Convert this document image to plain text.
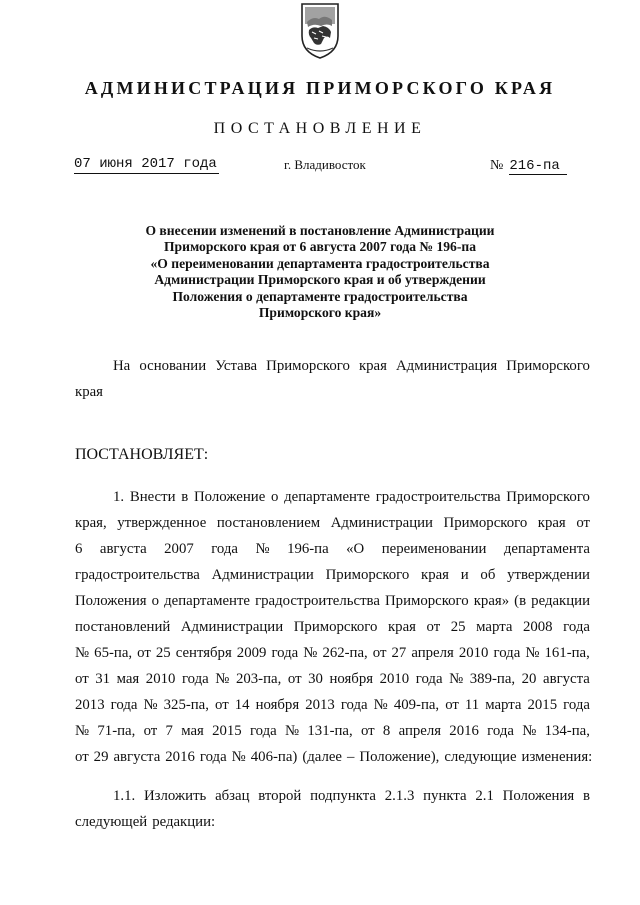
АДМИНИСТРАЦИЯ ПРИМОРСКОГО КРАЯ
ПОСТАНОВЛЕНИЕ
07 июня 2017 года	г. Владивосток	№ 216-па
О внесении изменений в постановление Администрации
Приморского края от 6 августа 2007 года № 196-па
«О переименовании департамента градостроительства
Администрации Приморского края и об утверждении
Положения о департаменте градостроительства
Приморского края»
На основании Устава Приморского края Администрация Приморского
края
ПОСТАНОВЛЯЕТ:
1. Внести в Положение о департаменте градостроительства Приморского
края, утвержденное постановлением Администрации Приморского края от
6 августа 2007 года № 196-па «О переименовании департамента
градостроительства Администрации Приморского края и об утверждении
Положения о департаменте градостроительства Приморского края» (в редакции
постановлений Администрации Приморского края от 25 марта 2008 года
№ 65-па, от 25 сентября 2009 года № 262-па, от 27 апреля 2010 года № 161-па,
от 31 мая 2010 года № 203-па, от 30 ноября 2010 года № 389-па, 20 августа
2013 года № 325-па, от 14 ноября 2013 года № 409-па, от 11 марта 2015 года
№ 71-па, от 7 мая 2015 года № 131-па, от 8 апреля 2016 года № 134-па,
от 29 августа 2016 года № 406-па) (далее – Положение), следующие изменения:
1.1. Изложить абзац второй подпункта 2.1.3 пункта 2.1 Положения в
следующей редакции:
